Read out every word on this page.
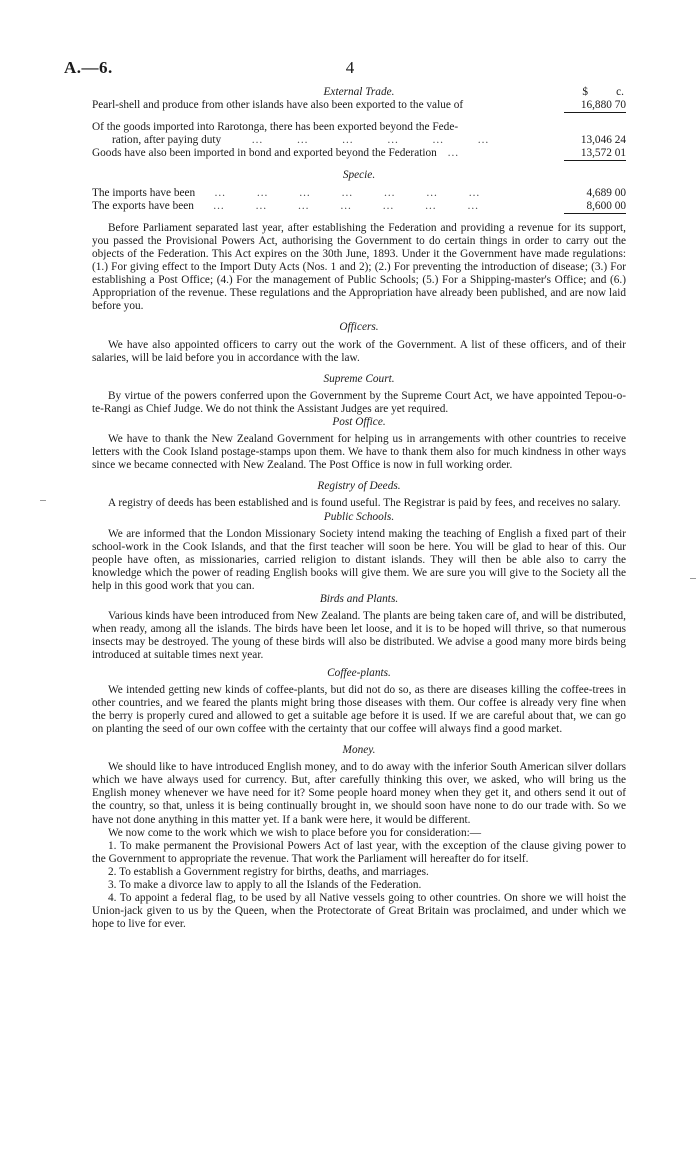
A.—6.	4
External Trade.	$ c.
Pearl-shell and produce from other islands have also been exported to the value of	16,880 70
Of the goods imported into Rarotonga, there has been exported beyond the Fede-
ration, after paying duty …            …            …            …            …            …	13,046 24
Goods have also been imported in bond and exported beyond the Federation …	13,572 01
Specie.
The imports have been …           …           …           …           …           …           …	4,689 00
The exports have been …           …           …           …           …           …           …	8,600 00

Before Parliament separated last year, after establishing the Federation and providing a revenue for its support, you passed the Provisional Powers Act, authorising the Government to do certain things in order to carry out the objects of the Federation. This Act expires on the 30th June, 1893. Under it the Government have made regulations: (1.) For giving effect to the Import Duty Acts (Nos. 1 and 2); (2.) For preventing the introduction of disease; (3.) For establishing a Post Office; (4.) For the management of Public Schools; (5.) For a Shipping-master's Office; and (6.) Appropriation of the revenue. These regulations and the Appropriation have already been published, and are now laid before you.

Officers.

We have also appointed officers to carry out the work of the Government. A list of these officers, and of their salaries, will be laid before you in accordance with the law.

Supreme Court.

By virtue of the powers conferred upon the Government by the Supreme Court Act, we have appointed Tepou-o-te-Rangi as Chief Judge. We do not think the Assistant Judges are yet required.

Post Office.

We have to thank the New Zealand Government for helping us in arrangements with other countries to receive letters with the Cook Island postage-stamps upon them. We have to thank them also for much kindness in other ways since we became connected with New Zealand. The Post Office is now in full working order.

Registry of Deeds.

A registry of deeds has been established and is found useful. The Registrar is paid by fees, and receives no salary.

Public Schools.

We are informed that the London Missionary Society intend making the teaching of English a fixed part of their school-work in the Cook Islands, and that the first teacher will soon be here. You will be glad to hear of this. Our people have often, as missionaries, carried religion to distant islands. They will then be able also to carry the knowledge which the power of reading English books will give them. We are sure you will give to the Society all the help in this good work that you can.

Birds and Plants.

Various kinds have been introduced from New Zealand. The plants are being taken care of, and will be distributed, when ready, among all the islands. The birds have been let loose, and it is to be hoped will thrive, so that numerous insects may be destroyed. The young of these birds will also be distributed. We advise a good many more birds being introduced at suitable times next year.

Coffee-plants.

We intended getting new kinds of coffee-plants, but did not do so, as there are diseases killing the coffee-trees in other countries, and we feared the plants might bring those diseases with them. Our coffee is already very fine when the berry is properly cured and allowed to get a suitable age before it is used. If we are careful about that, we can go on planting the seed of our own coffee with the certainty that our coffee will always find a good market.

Money.

We should like to have introduced English money, and to do away with the inferior South American silver dollars which we have always used for currency. But, after carefully thinking this over, we asked, who will bring us the English money whenever we have need for it? Some people hoard money when they get it, and others send it out of the country, so that, unless it is being continually brought in, we should soon have none to do our trade with. So we have not done anything in this matter yet. If a bank were here, it would be different.

We now come to the work which we wish to place before you for consideration:—

1. To make permanent the Provisional Powers Act of last year, with the exception of the clause giving power to the Government to appropriate the revenue. That work the Parliament will hereafter do for itself.

2. To establish a Government registry for births, deaths, and marriages.

3. To make a divorce law to apply to all the Islands of the Federation.

4. To appoint a federal flag, to be used by all Native vessels going to other countries. On shore we will hoist the Union-jack given to us by the Queen, when the Protectorate of Great Britain was proclaimed, and under which we hope to live for ever.
